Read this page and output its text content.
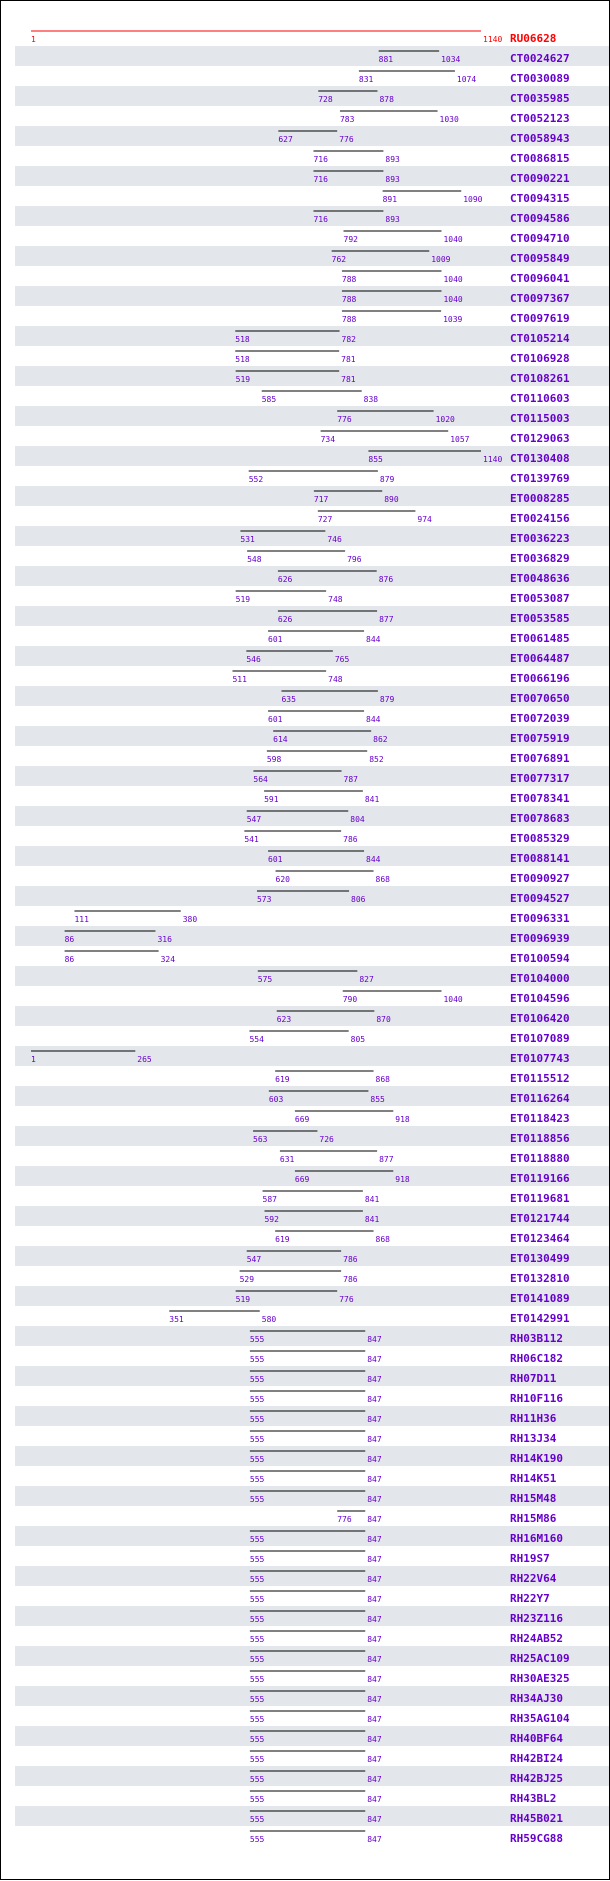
1	1140 RU06628
881	1034	CT0024627
831	1074	CT0030089
728	878	CT0035985
783	1030	CT0052123
627	776	CT0058943
716	893	CT0086815
716	893	CT0090221
891	1090 CT0094315
716	893	CT0094586
792	1040	CT0094710
762	1009	CT0095849
788	1040	CT0096041
788	1040	CT0097367
788	1039	CT0097619
518	782	CT0105214
518	781	CT0106928
519	781	CT0108261
585	838	CT0110603
776	1020	CT0115003
734	1057	CT0129063
855	1140 CT0130408
552	879	CT0139769
717	890	ET0008285
727	974	ET0024156
531	746	ET0036223
548	796	ET0036829
626	876	ET0048636
519	748	ET0053087
626	877	ET0053585
601	844	ET0061485
546	765	ET0064487
511	748	ET0066196
635	879	ET0070650
601	844	ET0072039
614	862	ET0075919
598	852	ET0076891
564	787	ET0077317
591	841	ET0078341
547	804	ET0078683
541	786	ET0085329
601	844	ET0088141
620	868	ET0090927
573	806	ET0094527
111	380	ET0096331
86	316	ET0096939
86	324	ET0100594
575	827	ET0104000
790	1040	ET0104596
623	870	ET0106420
554	805	ET0107089
1	265	ET0107743
619	868	ET0115512
603	855	ET0116264
669	918	ET0118423
563	726	ET0118856
631	877	ET0118880
669	918	ET0119166
587	841	ET0119681
592	841	ET0121744
619	868	ET0123464
547	786	ET0130499
529	786	ET0132810
519	776	ET0141089
351	580	ET0142991
555	847	RH03B112
555	847	RH06C182
555	847	RH07D11
555	847	RH10F116
555	847	RH11H36
555	847	RH13J34
555	847	RH14K190
555	847	RH14K51
555	847	RH15M48
776 847	RH15M86
555	847	RH16M160
555	847	RH19S7
555	847	RH22V64
555	847	RH22Y7
555	847	RH23Z116
555	847	RH24AB52
555	847	RH25AC109
555	847	RH30AE325
555	847	RH34AJ30
555	847	RH35AG104
555	847	RH40BF64
555	847	RH42BI24
555	847	RH42BJ25
555	847	RH43BL2
555	847	RH45B021
555	847	RH59CG88
